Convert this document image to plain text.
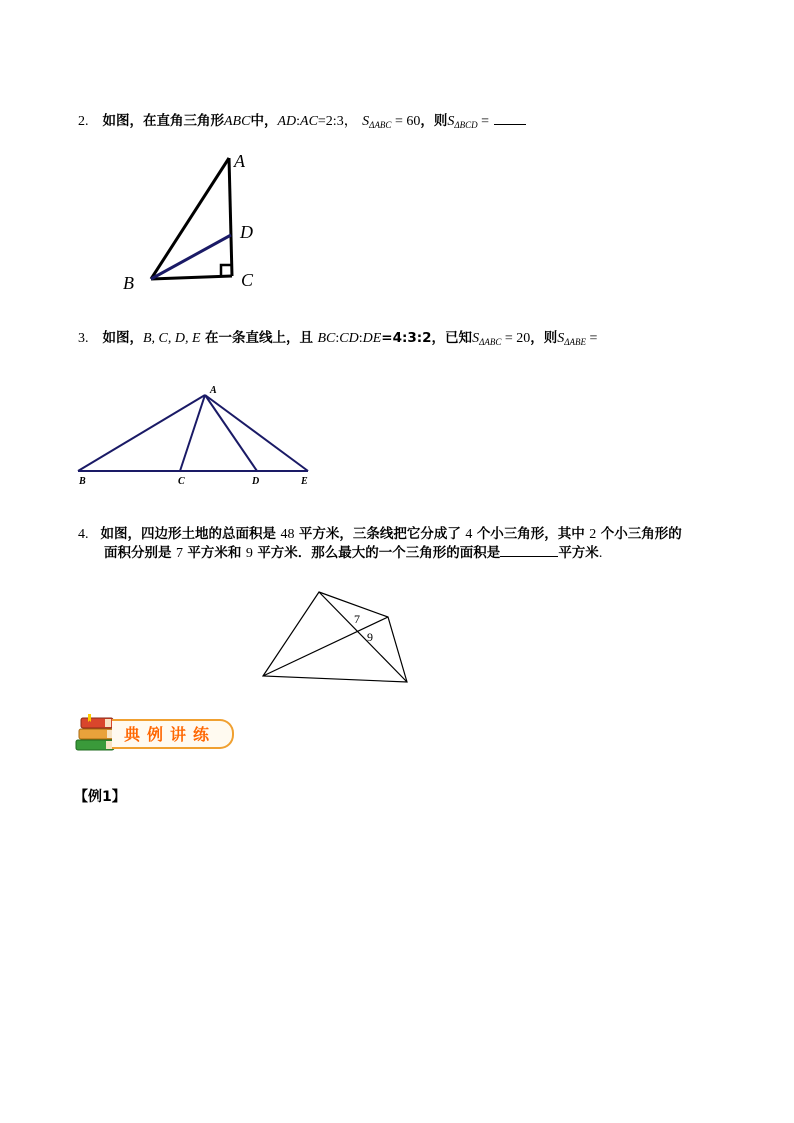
2. 如图，在直角三角形ABC中，AD:AC=2:3， $S_{\Delta ABC} = 60$，则$S_{\Delta BCD}$ =
A
D
B	C
3. 如图，B, C, D, E 在一条直线上，且 BC:CD:DE=4:3:2，已知$S_{\Delta ABC} = 20$，则$S_{\Delta ABE}$ =
A
B	C	D	E
4. 如图，四边形土地的总面积是 48 平方米，三条线把它分成了 4 个小三角形，其中 2 个小三角形的
面积分别是 7 平方米和 9 平方米．那么最大的一个三角形的面积是	平方米.
7
9
典例讲练
【例1】
